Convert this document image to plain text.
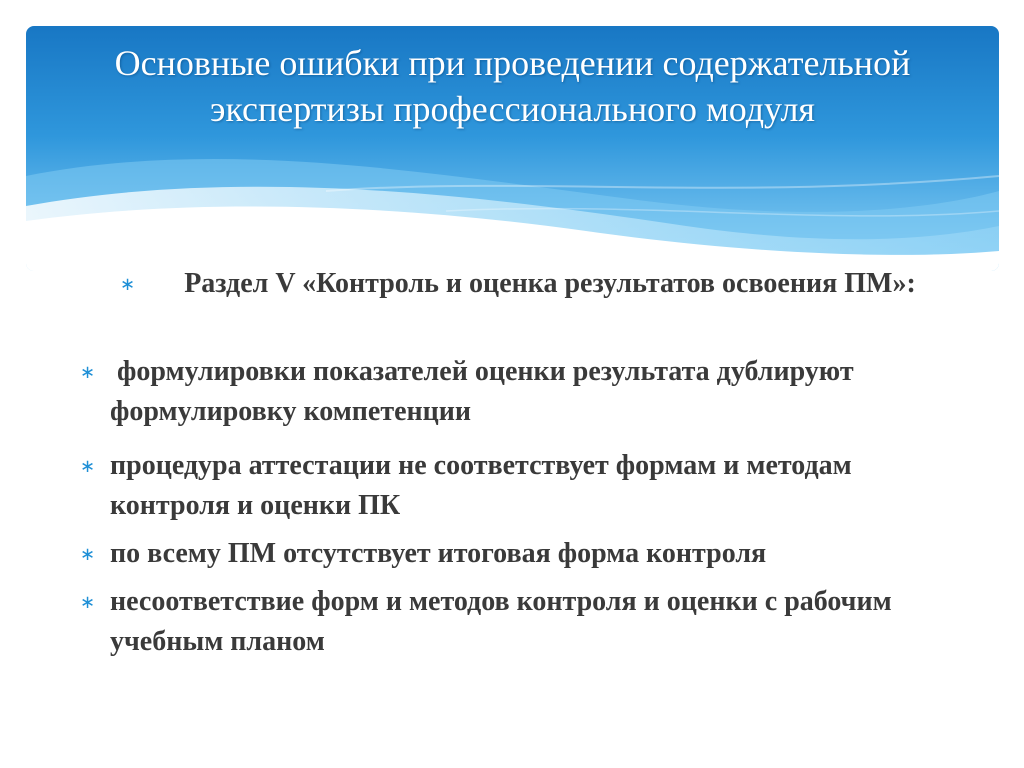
Основные ошибки при проведении содержательной экспертизы профессионального модуля
∗	Раздел V «Контроль и оценка результатов освоения ПМ»:
∗ формулировки показателей оценки результата дублируют формулировку компетенции
∗ процедура аттестации не соответствует формам и методам контроля и оценки ПК
∗ по всему ПМ отсутствует итоговая форма контроля
∗ несоответствие форм и методов контроля и оценки с рабочим учебным планом
